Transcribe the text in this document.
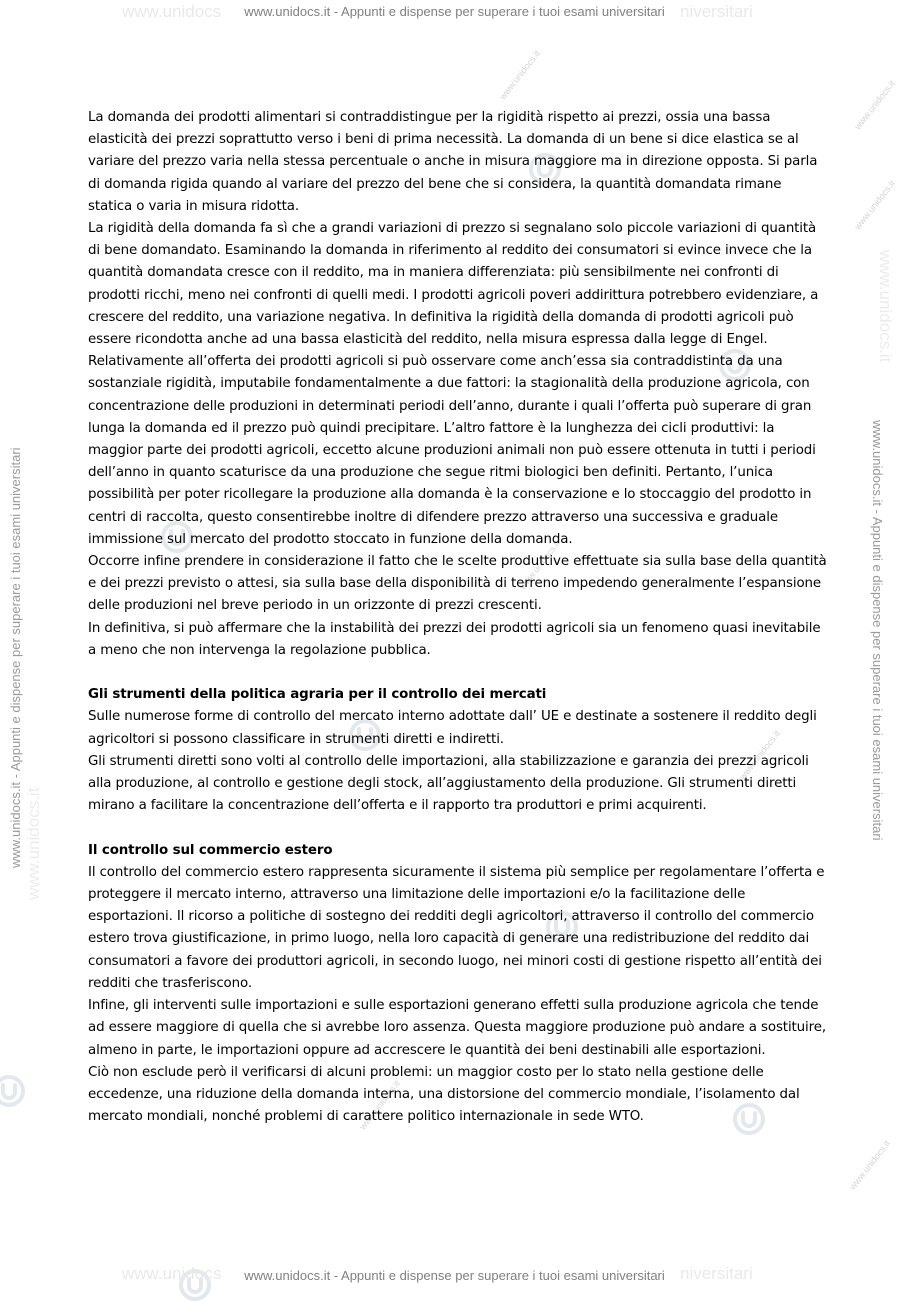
www.unidocs	niversitari
www.unidocs.it - Appunti e dispense per superare i tuoi esami universitari
www.unidocs.it
www.unidocs.it - Appunti e dispense per superare i tuoi esami universitari
www.unidocs.it
www.unidocs.it - Appunti e dispense per superare i tuoi esami universitari
www.unidocs.it
www.unidocs.it
www.unidocs.it
www.unidocs.it
www.unidocs.it
www.unidocs.it
www.unidocs.it

La domanda dei prodotti alimentari si contraddistingue per la rigidità rispetto ai prezzi, ossia una bassa elasticità dei prezzi soprattutto verso i beni di prima necessità. La domanda di un bene si dice elastica se al variare del prezzo varia nella stessa percentuale o anche in misura maggiore ma in direzione opposta. Si parla di domanda rigida quando al variare del prezzo del bene che si considera, la quantità domandata rimane statica o varia in misura ridotta.

La rigidità della domanda fa sì che a grandi variazioni di prezzo si segnalano solo piccole variazioni di quantità di bene domandato. Esaminando la domanda in riferimento al reddito dei consumatori si evince invece che la quantità domandata cresce con il reddito, ma in maniera differenziata: più sensibilmente nei confronti di prodotti ricchi, meno nei confronti di quelli medi. I prodotti agricoli poveri addirittura potrebbero evidenziare, a crescere del reddito, una variazione negativa. In definitiva la rigidità della domanda di prodotti agricoli può essere ricondotta anche ad una bassa elasticità del reddito, nella misura espressa dalla legge di Engel. Relativamente all’offerta dei prodotti agricoli si può osservare come anch’essa sia contraddistinta da una sostanziale rigidità, imputabile fondamentalmente a due fattori: la stagionalità della produzione agricola, con concentrazione delle produzioni in determinati periodi dell’anno, durante i quali l’offerta può superare di gran lunga la domanda ed il prezzo può quindi precipitare. L’altro fattore è la lunghezza dei cicli produttivi: la maggior parte dei prodotti agricoli, eccetto alcune produzioni animali non può essere ottenuta in tutti i periodi dell’anno in quanto scaturisce da una produzione che segue ritmi biologici ben definiti. Pertanto, l’unica possibilità per poter ricollegare la produzione alla domanda è la conservazione e lo stoccaggio del prodotto in centri di raccolta, questo consentirebbe inoltre di difendere prezzo attraverso una successiva e graduale immissione sul mercato del prodotto stoccato in funzione della domanda.

Occorre infine prendere in considerazione il fatto che le scelte produttive effettuate sia sulla base della quantità e dei prezzi previsto o attesi, sia sulla base della disponibilità di terreno impedendo generalmente l’espansione delle produzioni nel breve periodo in un orizzonte di prezzi crescenti.

In definitiva, si può affermare che la instabilità dei prezzi dei prodotti agricoli sia un fenomeno quasi inevitabile a meno che non intervenga la regolazione pubblica.

Gli strumenti della politica agraria per il controllo dei mercati

Sulle numerose forme di controllo del mercato interno adottate dall’ UE e destinate a sostenere il reddito degli agricoltori si possono classificare in strumenti diretti e indiretti.

Gli strumenti diretti sono volti al controllo delle importazioni, alla stabilizzazione e garanzia dei prezzi agricoli alla produzione, al controllo e gestione degli stock, all’aggiustamento della produzione. Gli strumenti diretti mirano a facilitare la concentrazione dell’offerta e il rapporto tra produttori e primi acquirenti.

Il controllo sul commercio estero

Il controllo del commercio estero rappresenta sicuramente il sistema più semplice per regolamentare l’offerta e proteggere il mercato interno, attraverso una limitazione delle importazioni e/o la facilitazione delle esportazioni. Il ricorso a politiche di sostegno dei redditi degli agricoltori, attraverso il controllo del commercio estero trova giustificazione, in primo luogo, nella loro capacità di generare una redistribuzione del reddito dai consumatori a favore dei produttori agricoli, in secondo luogo, nei minori costi di gestione rispetto all’entità dei redditi che trasferiscono.

Infine, gli interventi sulle importazioni e sulle esportazioni generano effetti sulla produzione agricola che tende ad essere maggiore di quella che si avrebbe loro assenza. Questa maggiore produzione può andare a sostituire, almeno in parte, le importazioni oppure ad accrescere le quantità dei beni destinabili alle esportazioni.

Ciò non esclude però il verificarsi di alcuni problemi: un maggior costo per lo stato nella gestione delle eccedenze, una riduzione della domanda interna, una distorsione del commercio mondiale, l’isolamento dal mercato mondiali, nonché problemi di carattere politico internazionale in sede WTO.

www.unidocs	niversitari
www.unidocs.it - Appunti e dispense per superare i tuoi esami universitari
